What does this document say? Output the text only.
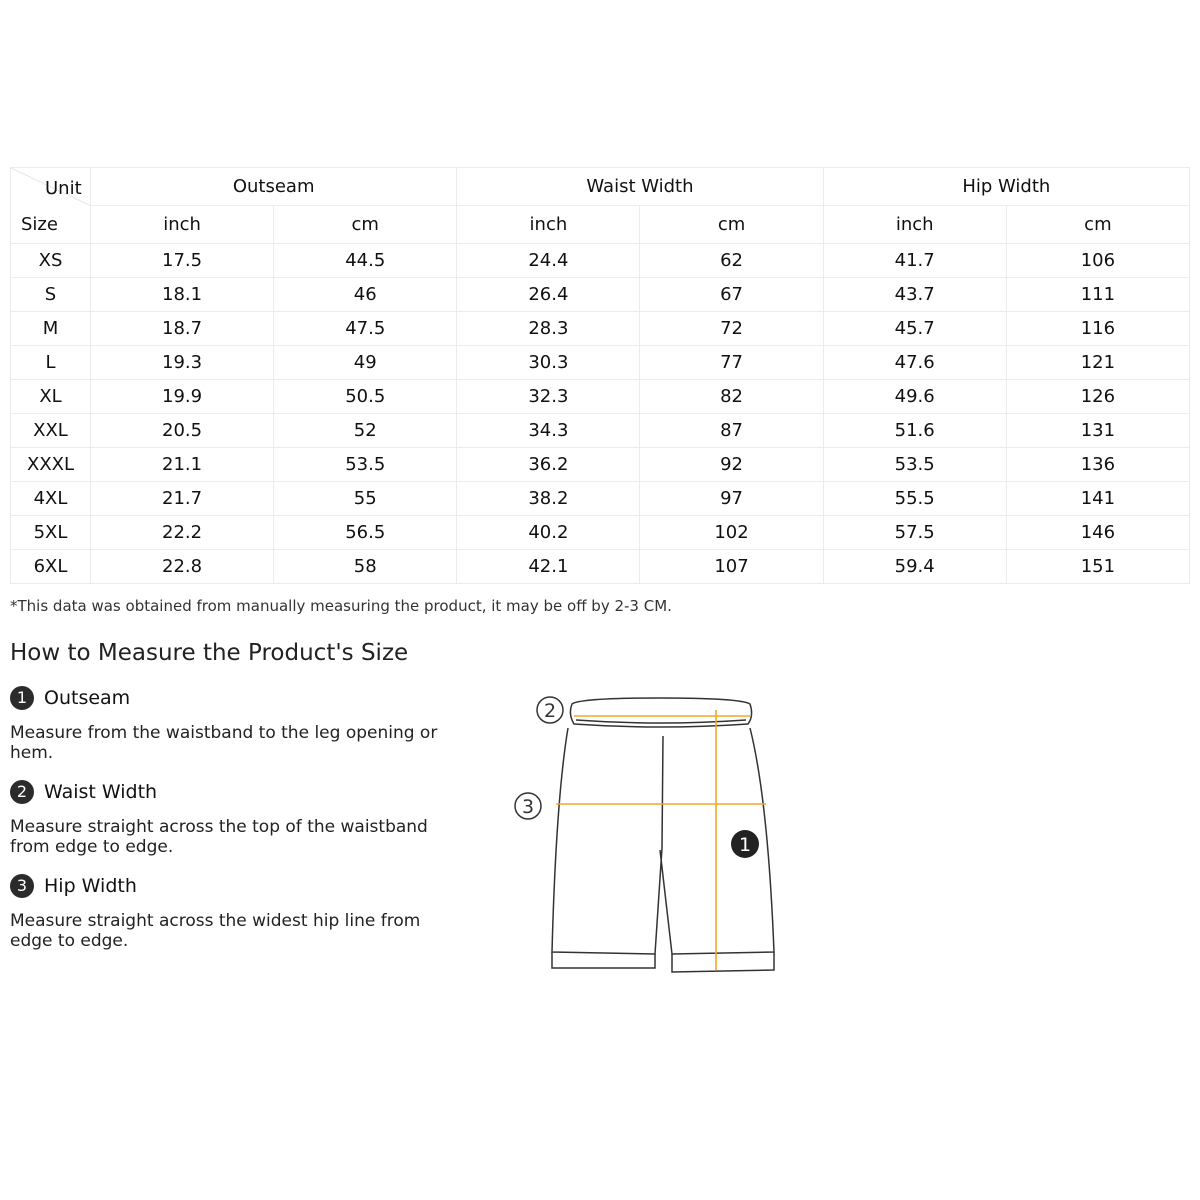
Unit	Outseam		Waist Width		Hip Width	
Size	inch	cm	inch	cm	inch	cm
XS	17.5	44.5	24.4	62	41.7	106
S	18.1	46	26.4	67	43.7	111
M	18.7	47.5	28.3	72	45.7	116
L	19.3	49	30.3	77	47.6	121
XL	19.9	50.5	32.3	82	49.6	126
XXL	20.5	52	34.3	87	51.6	131
XXXL	21.1	53.5	36.2	92	53.5	136
4XL	21.7	55	38.2	97	55.5	141
5XL	22.2	56.5	40.2	102	57.5	146
6XL	22.8	58	42.1	107	59.4	151
*This data was obtained from manually measuring the product, it may be off by 2-3 CM.
How to Measure the Product's Size
1 Outseam
Measure from the waistband to the leg opening or hem.
2 Waist Width
Measure straight across the top of the waistband from edge to edge.
3 Hip Width
Measure straight across the widest hip line from edge to edge.
2
3
1
